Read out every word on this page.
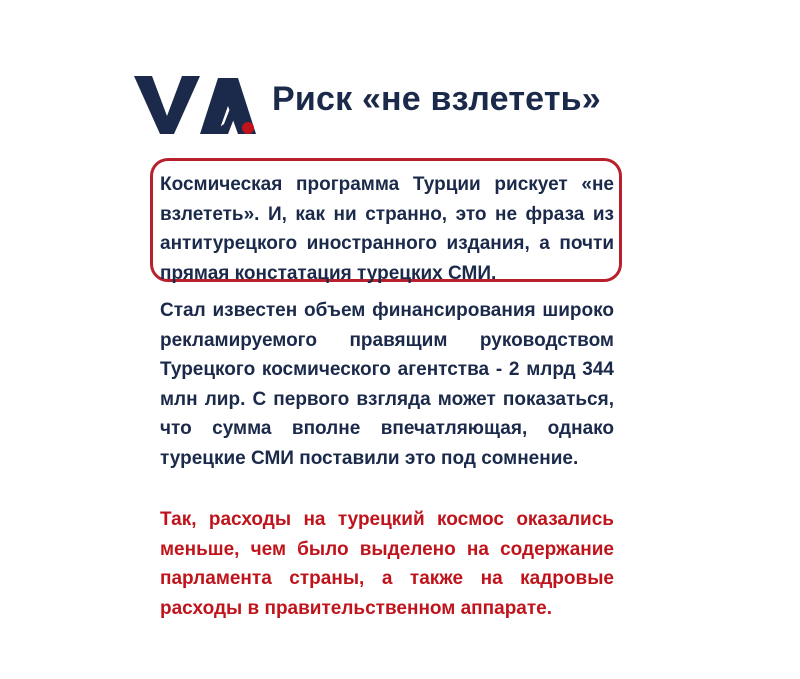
Риск «не взлететь»

Космическая программа Турции рискует «не взлететь». И, как ни странно, это не фраза из антитурецкого иностранного издания, а почти прямая констатация турецких СМИ.

Стал известен объем финансирования широко рекламируемого правящим руководством Турецкого космического агентства - 2 млрд 344 млн лир. С первого взгляда может показаться, что сумма вполне впечатляющая, однако турецкие СМИ поставили это под сомнение.

Так, расходы на турецкий космос оказались меньше, чем было выделено на содержание парламента страны, а также на кадровые расходы в правительственном аппарате.
